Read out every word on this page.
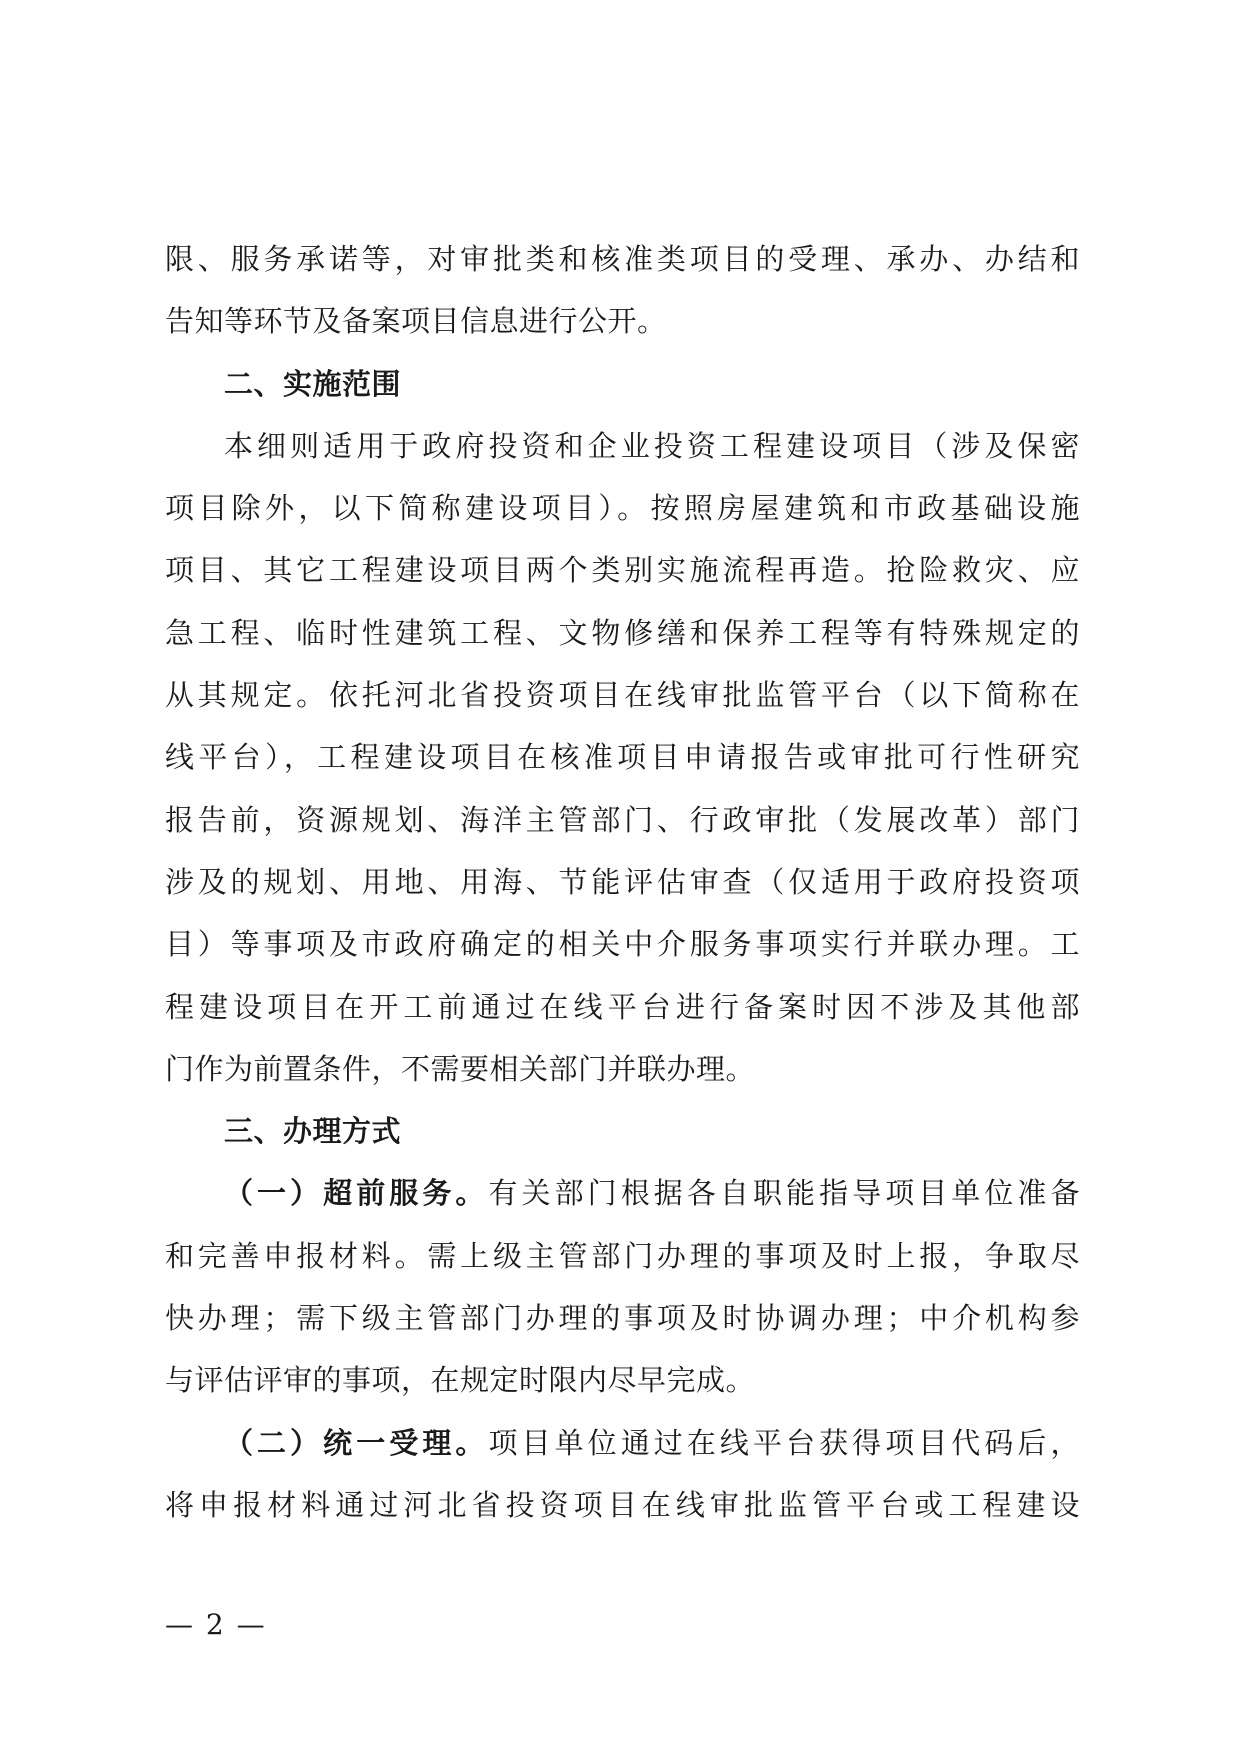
限、服务承诺等，对审批类和核准类项目的受理、承办、办结和
告知等环节及备案项目信息进行公开。
二、实施范围
本细则适用于政府投资和企业投资工程建设项目（涉及保密
项目除外，以下简称建设项目）。按照房屋建筑和市政基础设施
项目、其它工程建设项目两个类别实施流程再造。抢险救灾、应
急工程、临时性建筑工程、文物修缮和保养工程等有特殊规定的
从其规定。依托河北省投资项目在线审批监管平台（以下简称在
线平台），工程建设项目在核准项目申请报告或审批可行性研究
报告前，资源规划、海洋主管部门、行政审批（发展改革）部门
涉及的规划、用地、用海、节能评估审查（仅适用于政府投资项
目）等事项及市政府确定的相关中介服务事项实行并联办理。工
程建设项目在开工前通过在线平台进行备案时因不涉及其他部
门作为前置条件，不需要相关部门并联办理。
三、办理方式
（一）超前服务。有关部门根据各自职能指导项目单位准备
和完善申报材料。需上级主管部门办理的事项及时上报，争取尽
快办理；需下级主管部门办理的事项及时协调办理；中介机构参
与评估评审的事项，在规定时限内尽早完成。
（二）统一受理。项目单位通过在线平台获得项目代码后，
将申报材料通过河北省投资项目在线审批监管平台或工程建设
— 2 —
